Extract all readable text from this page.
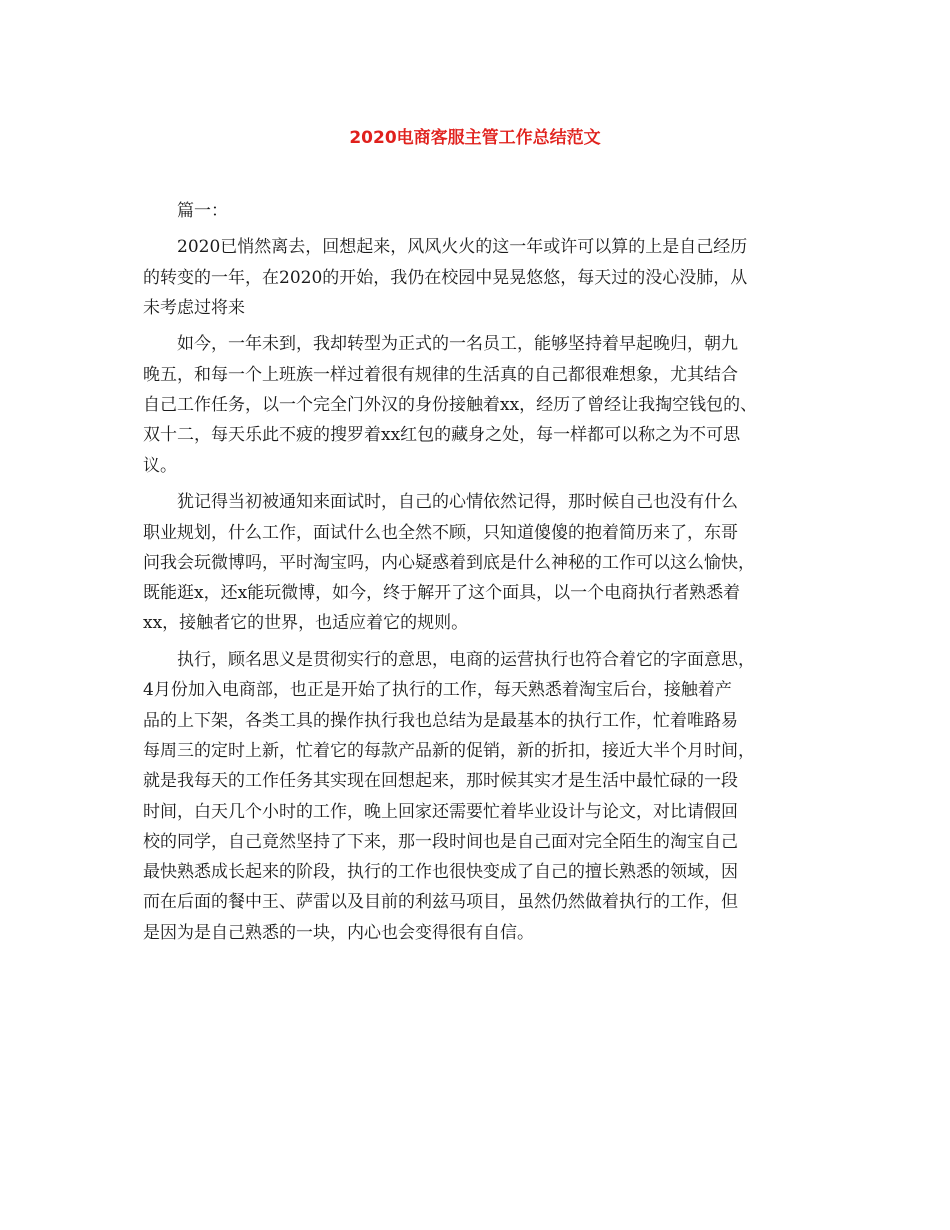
2020电商客服主管工作总结范文

篇一：

2020已悄然离去，回想起来，风风火火的这一年或许可以算的上是自己经历
的转变的一年，在2020的开始，我仍在校园中晃晃悠悠，每天过的没心没肺，从
未考虑过将来
如今，一年未到，我却转型为正式的一名员工，能够坚持着早起晚归，朝九
晚五，和每一个上班族一样过着很有规律的生活真的自己都很难想象，尤其结合
自己工作任务，以一个完全门外汉的身份接触着xx，经历了曾经让我掏空钱包的、
双十二，每天乐此不疲的搜罗着xx红包的藏身之处，每一样都可以称之为不可思
议。
犹记得当初被通知来面试时，自己的心情依然记得，那时候自己也没有什么
职业规划，什么工作，面试什么也全然不顾，只知道傻傻的抱着简历来了，东哥
问我会玩微博吗，平时淘宝吗，内心疑惑着到底是什么神秘的工作可以这么愉快，
既能逛x，还x能玩微博，如今，终于解开了这个面具，以一个电商执行者熟悉着
xx，接触者它的世界，也适应着它的规则。
执行，顾名思义是贯彻实行的意思，电商的运营执行也符合着它的字面意思，
4月份加入电商部，也正是开始了执行的工作，每天熟悉着淘宝后台，接触着产
品的上下架，各类工具的操作执行我也总结为是最基本的执行工作，忙着唯路易
每周三的定时上新，忙着它的每款产品新的促销，新的折扣，接近大半个月时间，
就是我每天的工作任务其实现在回想起来，那时候其实才是生活中最忙碌的一段
时间，白天几个小时的工作，晚上回家还需要忙着毕业设计与论文，对比请假回
校的同学，自己竟然坚持了下来，那一段时间也是自己面对完全陌生的淘宝自己
最快熟悉成长起来的阶段，执行的工作也很快变成了自己的擅长熟悉的领域，因
而在后面的餐中王、萨雷以及目前的利兹马项目，虽然仍然做着执行的工作，但
是因为是自己熟悉的一块，内心也会变得很有自信。
